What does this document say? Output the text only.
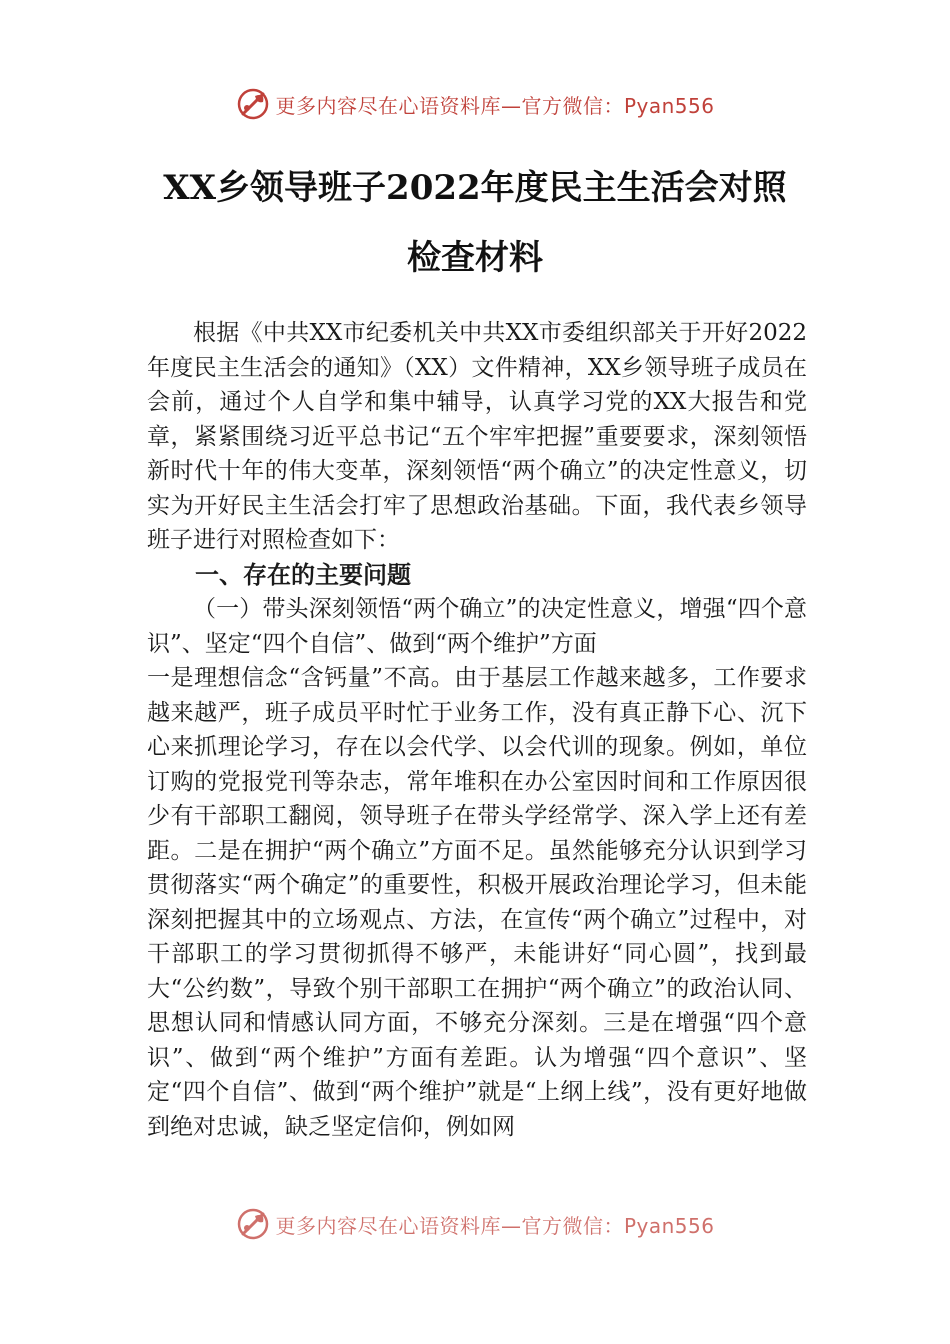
更多内容尽在心语资料库—官方微信：Pyan556
XX乡领导班子2022年度民主生活会对照
检查材料

根据《中共XX市纪委机关中共XX市委组织部关于开好2022年度民主生活会的通知》（XX）文件精神，XX乡领导班子成员在会前，通过个人自学和集中辅导，认真学习党的XX大报告和党章，紧紧围绕习近平总书记“五个牢牢把握”重要要求，深刻领悟新时代十年的伟大变革，深刻领悟“两个确立”的决定性意义，切实为开好民主生活会打牢了思想政治基础。下面，我代表乡领导班子进行对照检查如下：

一、存在的主要问题

（一）带头深刻领悟“两个确立”的决定性意义，增强“四个意识”、坚定“四个自信”、做到“两个维护”方面

一是理想信念“含钙量”不高。由于基层工作越来越多，工作要求越来越严，班子成员平时忙于业务工作，没有真正静下心、沉下心来抓理论学习，存在以会代学、以会代训的现象。例如，单位订购的党报党刊等杂志，常年堆积在办公室因时间和工作原因很少有干部职工翻阅，领导班子在带头学经常学、深入学上还有差距。二是在拥护“两个确立”方面不足。虽然能够充分认识到学习贯彻落实“两个确定”的重要性，积极开展政治理论学习，但未能深刻把握其中的立场观点、方法，在宣传“两个确立”过程中，对干部职工的学习贯彻抓得不够严，未能讲好“同心圆”，找到最大“公约数”，导致个别干部职工在拥护“两个确立”的政治认同、思想认同和情感认同方面，不够充分深刻。三是在增强“四个意识”、做到“两个维护”方面有差距。认为增强“四个意识”、坚定“四个自信”、做到“两个维护”就是“上纲上线”，没有更好地做到绝对忠诚，缺乏坚定信仰，例如网

更多内容尽在心语资料库—官方微信：Pyan556
